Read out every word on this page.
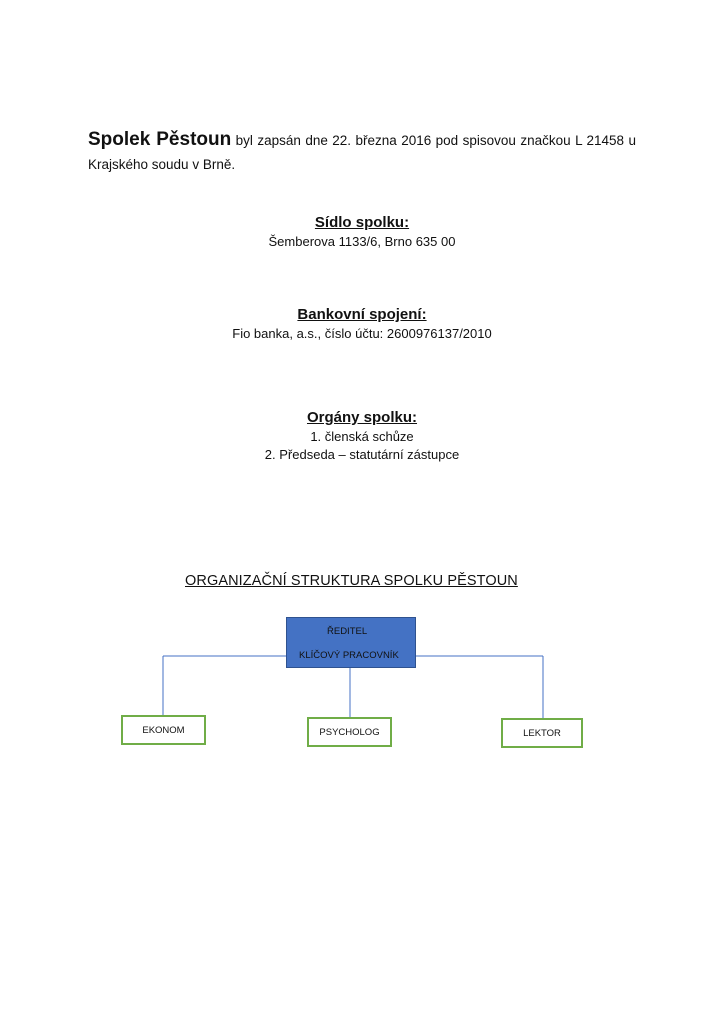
Spolek Pěstoun byl zapsán dne 22. března 2016 pod spisovou značkou L 21458 u Krajského soudu v Brně.
Sídlo spolku:

Šemberova 1133/6, Brno 635 00

Bankovní spojení:

Fio banka, a.s., číslo účtu: 2600976137/2010

Orgány spolku:

1. členská schůze

2. Předseda – statutární zástupce

ORGANIZAČNÍ STRUKTURA SPOLKU PĚSTOUN
ŘEDITEL
KLÍČOVÝ PRACOVNÍK
EKONOM	PSYCHOLOG	LEKTOR
